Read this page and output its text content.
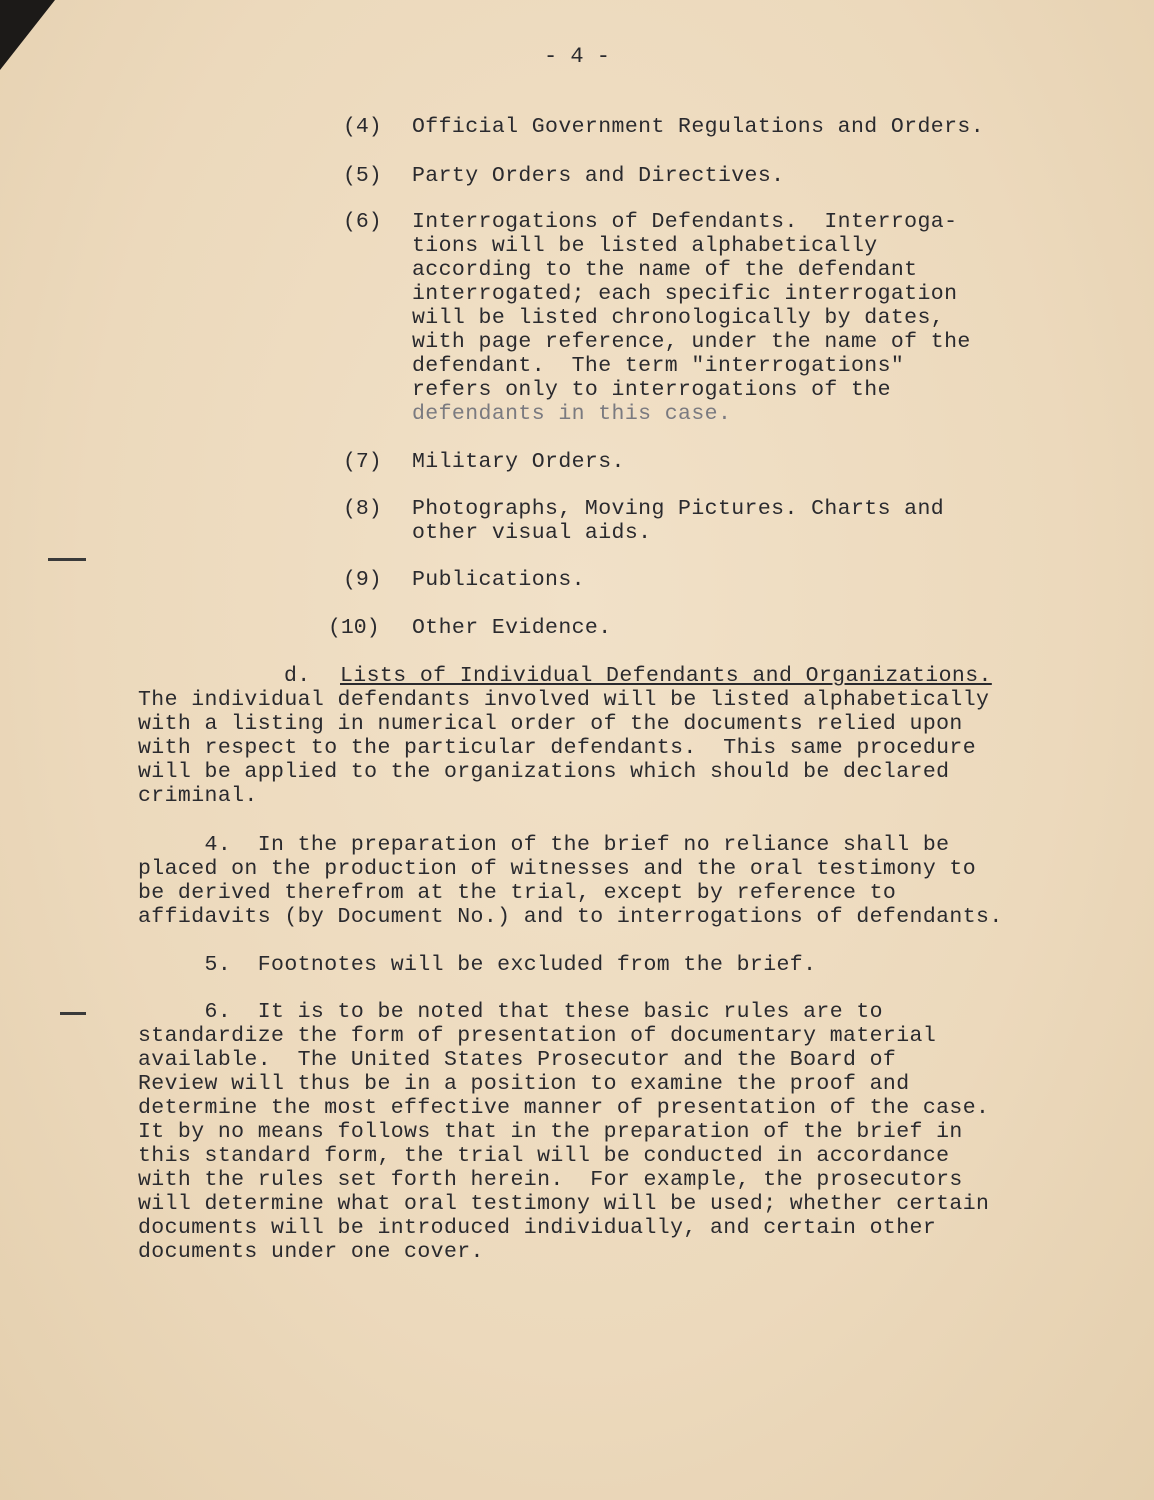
- 4 -
(4) Official Government Regulations and Orders.
(5) Party Orders and Directives.
(6) Interrogations of Defendants.  Interroga-
tions will be listed alphabetically
according to the name of the defendant
interrogated; each specific interrogation
will be listed chronologically by dates,
with page reference, under the name of the
defendant.  The term "interrogations"
refers only to interrogations of the
defendants in this case.
(7) Military Orders.
(8) Photographs, Moving Pictures. Charts and
other visual aids.
(9) Publications.
(10) Other Evidence.
d. Lists of Individual Defendants and Organizations.
The individual defendants involved will be listed alphabetically
with a listing in numerical order of the documents relied upon
with respect to the particular defendants.  This same procedure
will be applied to the organizations which should be declared
criminal.
4.  In the preparation of the brief no reliance shall be
placed on the production of witnesses and the oral testimony to
be derived therefrom at the trial, except by reference to
affidavits (by Document No.) and to interrogations of defendants.
5.  Footnotes will be excluded from the brief.
6.  It is to be noted that these basic rules are to
standardize the form of presentation of documentary material
available.  The United States Prosecutor and the Board of
Review will thus be in a position to examine the proof and
determine the most effective manner of presentation of the case.
It by no means follows that in the preparation of the brief in
this standard form, the trial will be conducted in accordance
with the rules set forth herein.  For example, the prosecutors
will determine what oral testimony will be used; whether certain
documents will be introduced individually, and certain other
documents under one cover.
